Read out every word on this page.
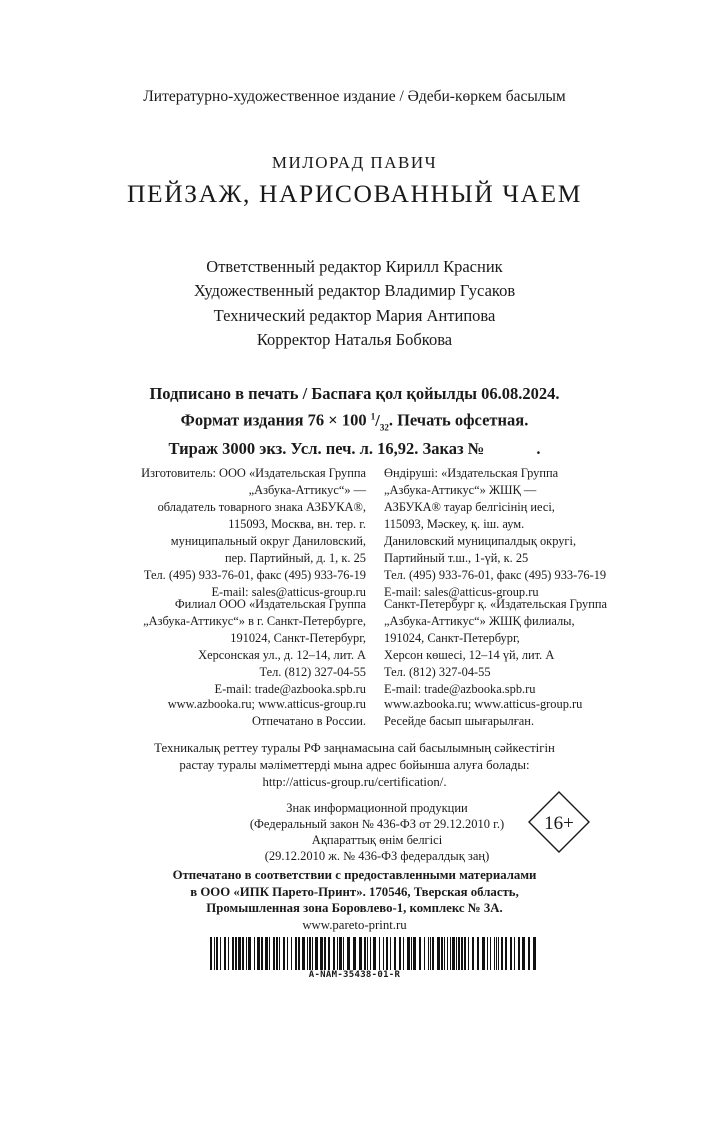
Литературно-художественное издание / Әдеби-көркем басылым
МИЛОРАД ПАВИЧ
ПЕЙЗАЖ, НАРИСОВАННЫЙ ЧАЕМ
Ответственный редактор Кирилл Красник
Художественный редактор Владимир Гусаков
Технический редактор Мария Антипова
Корректор Наталья Бобкова
Подписано в печать / Баспаға қол қойылды 06.08.2024.
Формат издания 76 × 100 $^1/_{32}$. Печать офсетная.
Тираж 3000 экз. Усл. печ. л. 16,92. Заказ №	.
Изготовитель: ООО «Издательская Группа
„Азбука-Аттикус“» —
обладатель товарного знака АЗБУКА®,
115093, Москва, вн. тер. г.
муниципальный округ Даниловский,
пер. Партийный, д. 1, к. 25
Тел. (495) 933-76-01, факс (495) 933-76-19
E-mail: sales@atticus-group.ru
Өндіруші: «Издательская Группа
„Азбука-Аттикус“» ЖШҚ —
АЗБУКА® тауар белгісінің иесі,
115093, Мәскеу, қ. іш. аум.
Даниловский муниципалдық округі,
Партийный т.ш., 1-үй, к. 25
Тел. (495) 933-76-01, факс (495) 933-76-19
E-mail: sales@atticus-group.ru
Филиал ООО «Издательская Группа
„Азбука-Аттикус“» в г. Санкт-Петербурге,
191024, Санкт-Петербург,
Херсонская ул., д. 12–14, лит. А
Тел. (812) 327-04-55
E-mail: trade@azbooka.spb.ru
Санкт-Петербург қ. «Издательская Группа
„Азбука-Аттикус“» ЖШҚ филиалы,
191024, Санкт-Петербург,
Херсон көшесі, 12–14 үй, лит. А
Тел. (812) 327-04-55
E-mail: trade@azbooka.spb.ru
www.azbooka.ru; www.atticus-group.ru
Отпечатано в России.
www.azbooka.ru; www.atticus-group.ru
Ресейде басып шығарылған.
Техникалық реттеу туралы РФ заңнамасына сай басылымның сәйкестігін
растау туралы мәліметтерді мына адрес бойынша алуға болады:
http://atticus-group.ru/certification/.
Знак информационной продукции
(Федеральный закон № 436-ФЗ от 29.12.2010 г.)
Ақпараттық өнім белгісі
(29.12.2010 ж. № 436-ФЗ федералдық заң)
16+
Отпечатано в соответствии с предоставленными материалами
в ООО «ИПК Парето-Принт». 170546, Тверская область,
Промышленная зона Боровлево-1, комплекс № 3А.
www.pareto-print.ru
A-NAM-35438-01-R
